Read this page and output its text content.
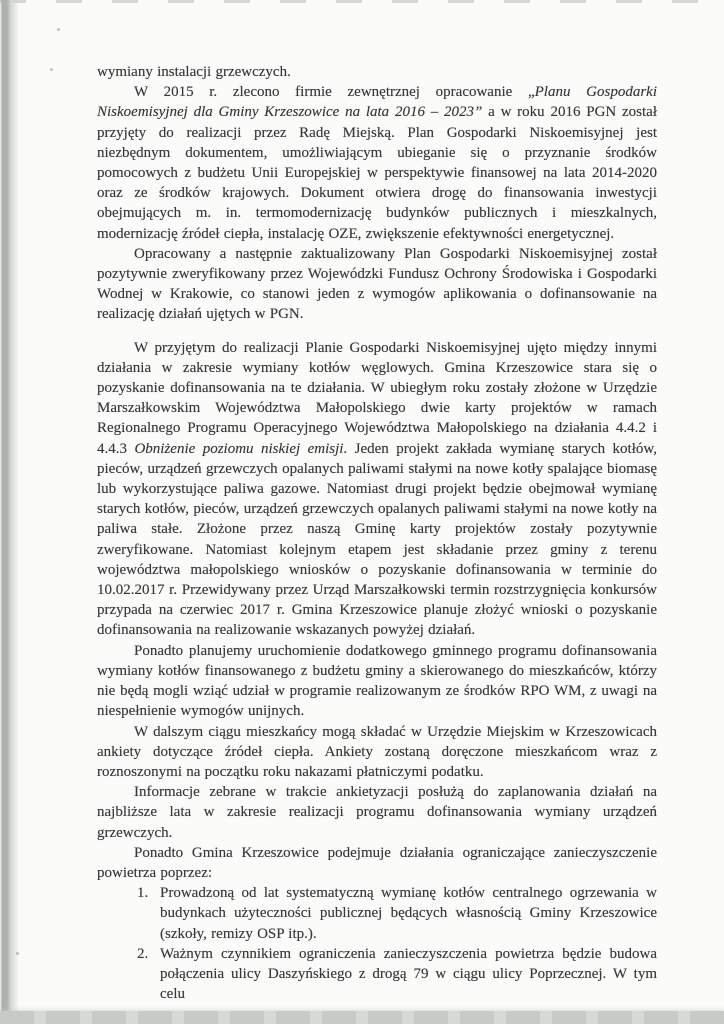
wymiany instalacji grzewczych.

W 2015 r. zlecono firmie zewnętrznej opracowanie „Planu Gospodarki Niskoemisyjnej dla Gminy Krzeszowice na lata 2016 – 2023” a w roku 2016 PGN został przyjęty do realizacji przez Radę Miejską. Plan Gospodarki Niskoemisyjnej jest niezbędnym dokumentem, umożliwiającym ubieganie się o przyznanie środków pomocowych z budżetu Unii Europejskiej w perspektywie finansowej na lata 2014-2020 oraz ze środków krajowych. Dokument otwiera drogę do finansowania inwestycji obejmujących m. in. termomodernizację budynków publicznych i mieszkalnych, modernizację źródeł ciepła, instalację OZE, zwiększenie efektywności energetycznej.

Opracowany a następnie zaktualizowany Plan Gospodarki Niskoemisyjnej został pozytywnie zweryfikowany przez Wojewódzki Fundusz Ochrony Środowiska i Gospodarki Wodnej w Krakowie, co stanowi jeden z wymogów aplikowania o dofinansowanie na realizację działań ujętych w PGN.

W przyjętym do realizacji Planie Gospodarki Niskoemisyjnej ujęto między innymi działania w zakresie wymiany kotłów węglowych. Gmina Krzeszowice stara się o pozyskanie dofinansowania na te działania. W ubiegłym roku zostały złożone w Urzędzie Marszałkowskim Województwa Małopolskiego dwie karty projektów w ramach Regionalnego Programu Operacyjnego Województwa Małopolskiego na działania 4.4.2 i 4.4.3 Obniżenie poziomu niskiej emisji. Jeden projekt zakłada wymianę starych kotłów, pieców, urządzeń grzewczych opalanych paliwami stałymi na nowe kotły spalające biomasę lub wykorzystujące paliwa gazowe. Natomiast drugi projekt będzie obejmował wymianę starych kotłów, pieców, urządzeń grzewczych opalanych paliwami stałymi na nowe kotły na paliwa stałe. Złożone przez naszą Gminę karty projektów zostały pozytywnie zweryfikowane. Natomiast kolejnym etapem jest składanie przez gminy z terenu województwa małopolskiego wniosków o pozyskanie dofinansowania w terminie do 10.02.2017 r. Przewidywany przez Urząd Marszałkowski termin rozstrzygnięcia konkursów przypada na czerwiec 2017 r. Gmina Krzeszowice planuje złożyć wnioski o pozyskanie dofinansowania na realizowanie wskazanych powyżej działań.

Ponadto planujemy uruchomienie dodatkowego gminnego programu dofinansowania wymiany kotłów finansowanego z budżetu gminy a skierowanego do mieszkańców, którzy nie będą mogli wziąć udział w programie realizowanym ze środków RPO WM, z uwagi na niespełnienie wymogów unijnych.

W dalszym ciągu mieszkańcy mogą składać w Urzędzie Miejskim w Krzeszowicach ankiety dotyczące źródeł ciepła. Ankiety zostaną doręczone mieszkańcom wraz z roznoszonymi na początku roku nakazami płatniczymi podatku.

Informacje zebrane w trakcie ankietyzacji posłużą do zaplanowania działań na najbliższe lata w zakresie realizacji programu dofinansowania wymiany urządzeń grzewczych.

Ponadto Gmina Krzeszowice podejmuje działania ograniczające zanieczyszczenie powietrza poprzez:

1. Prowadzoną od lat systematyczną wymianę kotłów centralnego ogrzewania w budynkach użyteczności publicznej będących własnością Gminy Krzeszowice (szkoły, remizy OSP itp.).
2. Ważnym czynnikiem ograniczenia zanieczyszczenia powietrza będzie budowa połączenia ulicy Daszyńskiego z drogą 79 w ciągu ulicy Poprzecznej. W tym celu
